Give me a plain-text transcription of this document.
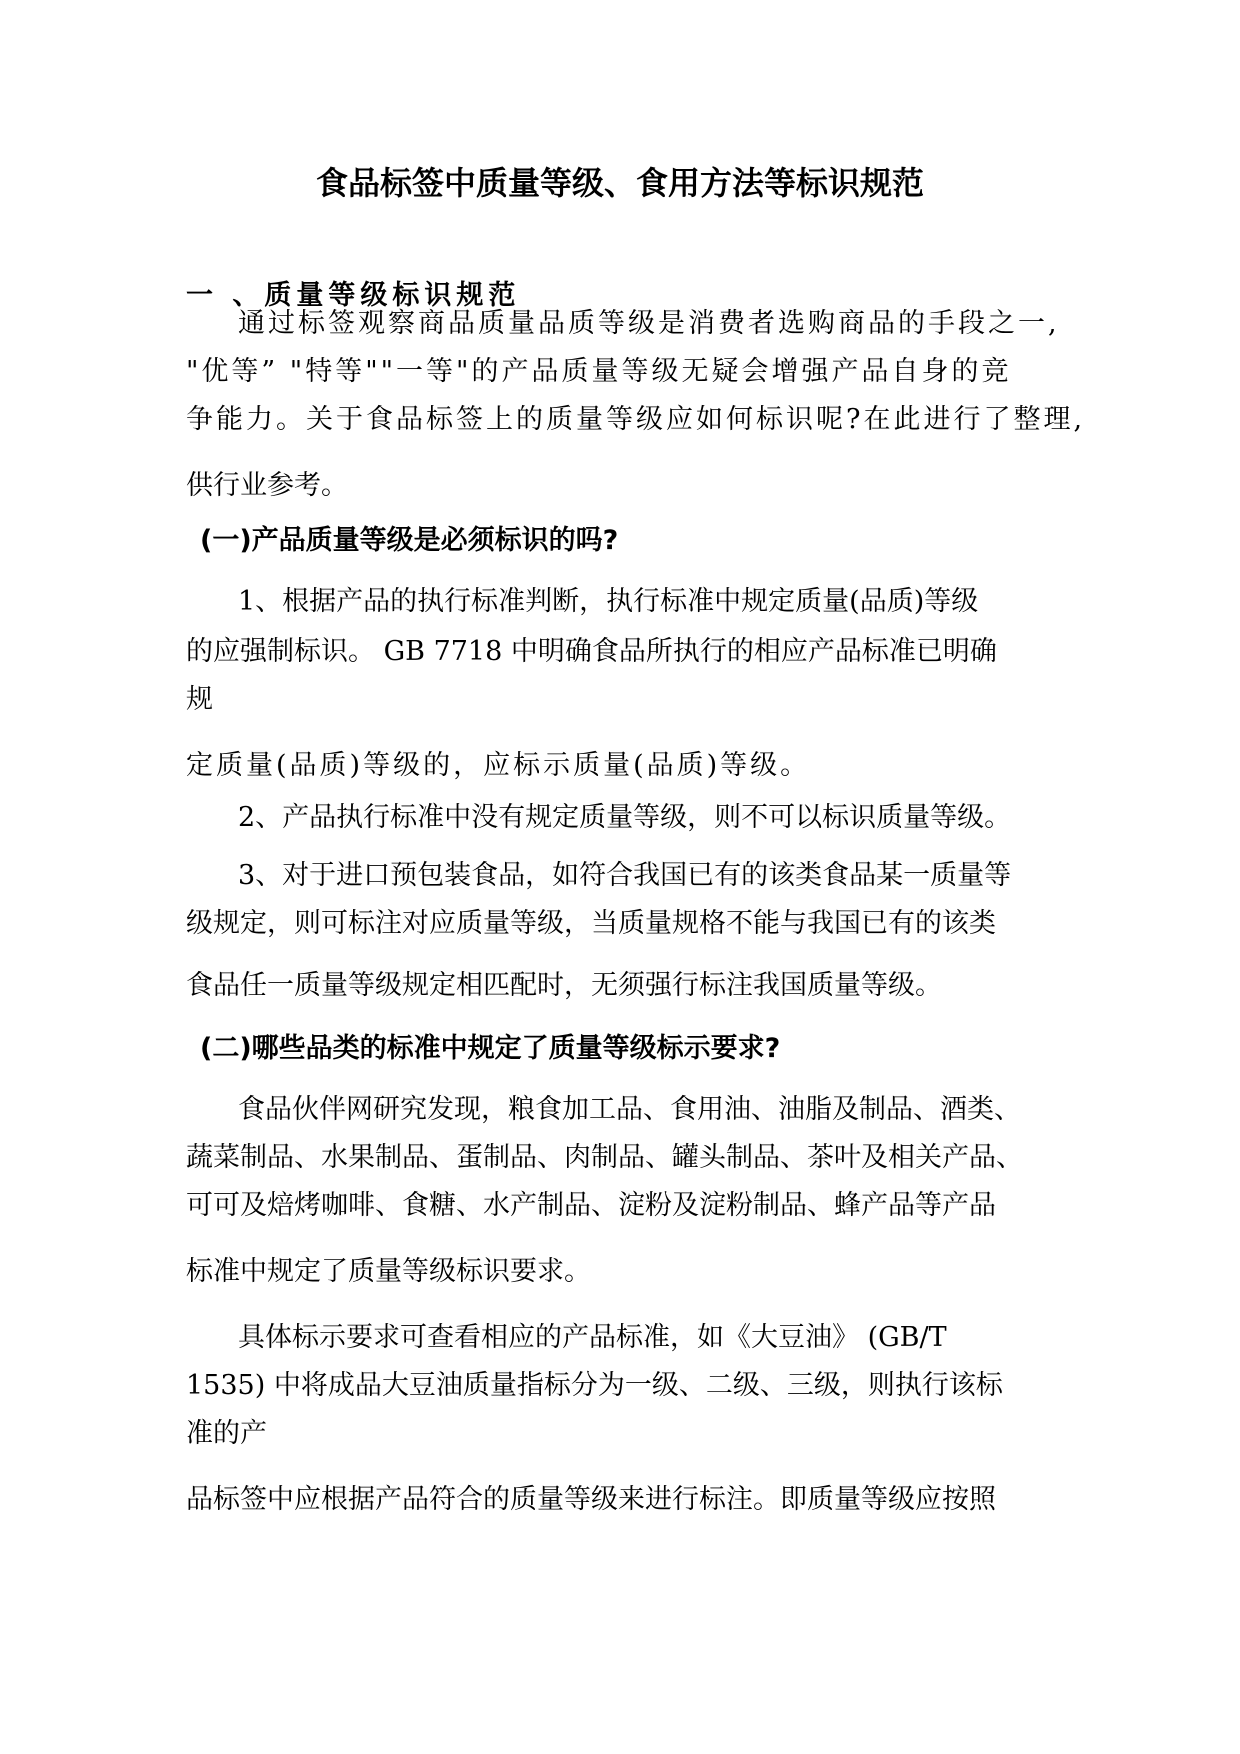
食品标签中质量等级、食用方法等标识规范
一 、质量等级标识规范
通过标签观察商品质量品质等级是消费者选购商品的手段之一,
"优等” "特等""一等"的产品质量等级无疑会增强产品自身的竞
争能力。关于食品标签上的质量等级应如何标识呢?在此进行了整理,
供行业参考。
(一)产品质量等级是必须标识的吗?
1、根据产品的执行标准判断，执行标准中规定质量(品质)等级
的应强制标识。 GB 7718 中明确食品所执行的相应产品标准已明确
规
定质量(品质)等级的，应标示质量(品质)等级。
2、产品执行标准中没有规定质量等级，则不可以标识质量等级。
3、对于进口预包装食品，如符合我国已有的该类食品某一质量等
级规定，则可标注对应质量等级，当质量规格不能与我国已有的该类
食品任一质量等级规定相匹配时，无须强行标注我国质量等级。
(二)哪些品类的标准中规定了质量等级标示要求?
食品伙伴网研究发现，粮食加工品、食用油、油脂及制品、酒类、
蔬菜制品、水果制品、蛋制品、肉制品、罐头制品、茶叶及相关产品、
可可及焙烤咖啡、食糖、水产制品、淀粉及淀粉制品、蜂产品等产品
标准中规定了质量等级标识要求。
具体标示要求可查看相应的产品标准，如《大豆油》 (GB/T
1535) 中将成品大豆油质量指标分为一级、二级、三级，则执行该标
准的产
品标签中应根据产品符合的质量等级来进行标注。即质量等级应按照
